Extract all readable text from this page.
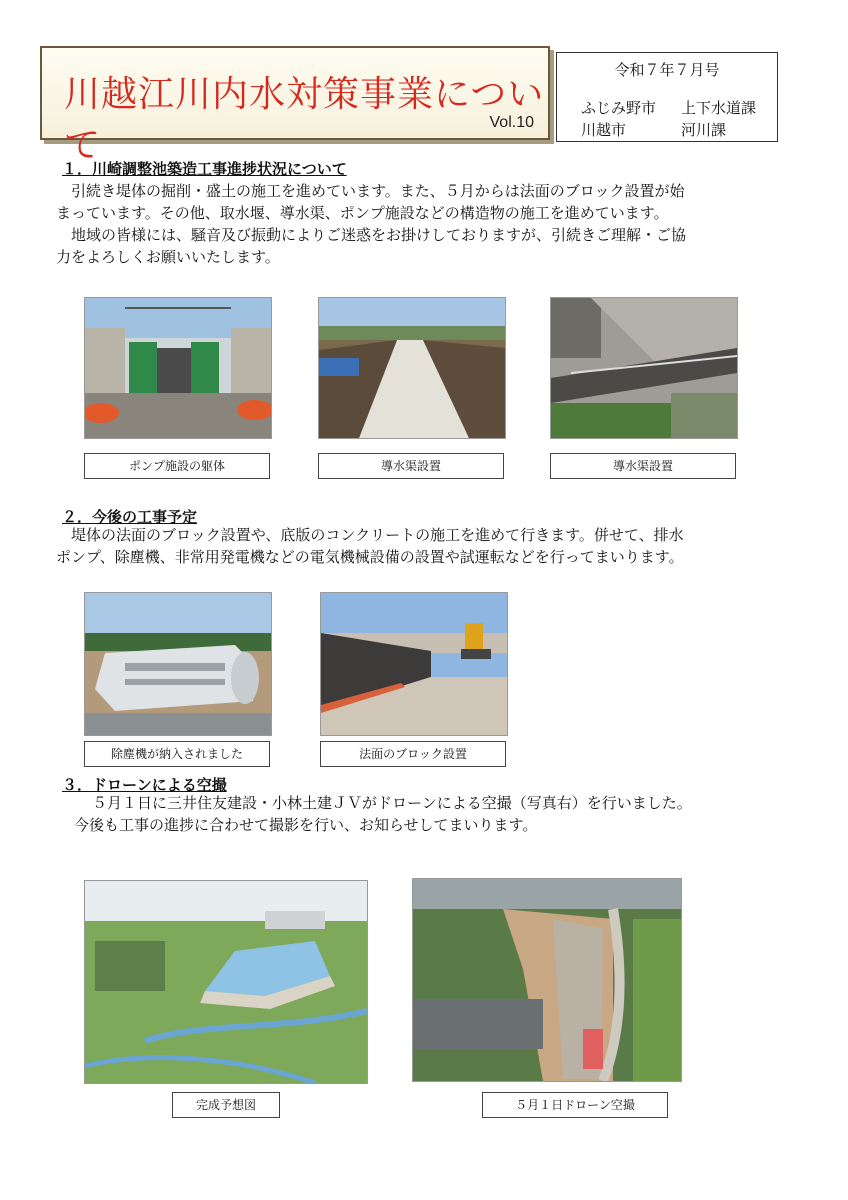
川越江川内水対策事業について
Vol.10
令和７年７月号
ふじみ野市	上下水道課
川越市	河川課
１．川崎調整池築造工事進捗状況について
引続き堤体の掘削・盛土の施工を進めています。また、５月からは法面のブロック設置が始
まっています。その他、取水堰、導水渠、ポンプ施設などの構造物の施工を進めています。
地域の皆様には、騒音及び振動によりご迷惑をお掛けしておりますが、引続きご理解・ご協
力をよろしくお願いいたします。
ポンプ施設の躯体	導水渠設置	導水渠設置
２．今後の工事予定
堤体の法面のブロック設置や、底版のコンクリートの施工を進めて行きます。併せて、排水
ポンプ、除塵機、非常用発電機などの電気機械設備の設置や試運転などを行ってまいります。
除塵機が納入されました	法面のブロック設置
３．ドローンによる空撮
５月１日に三井住友建設・小林土建ＪＶがドローンによる空撮（写真右）を行いました。
今後も工事の進捗に合わせて撮影を行い、お知らせしてまいります。
完成予想図	５月１日ドローン空撮
